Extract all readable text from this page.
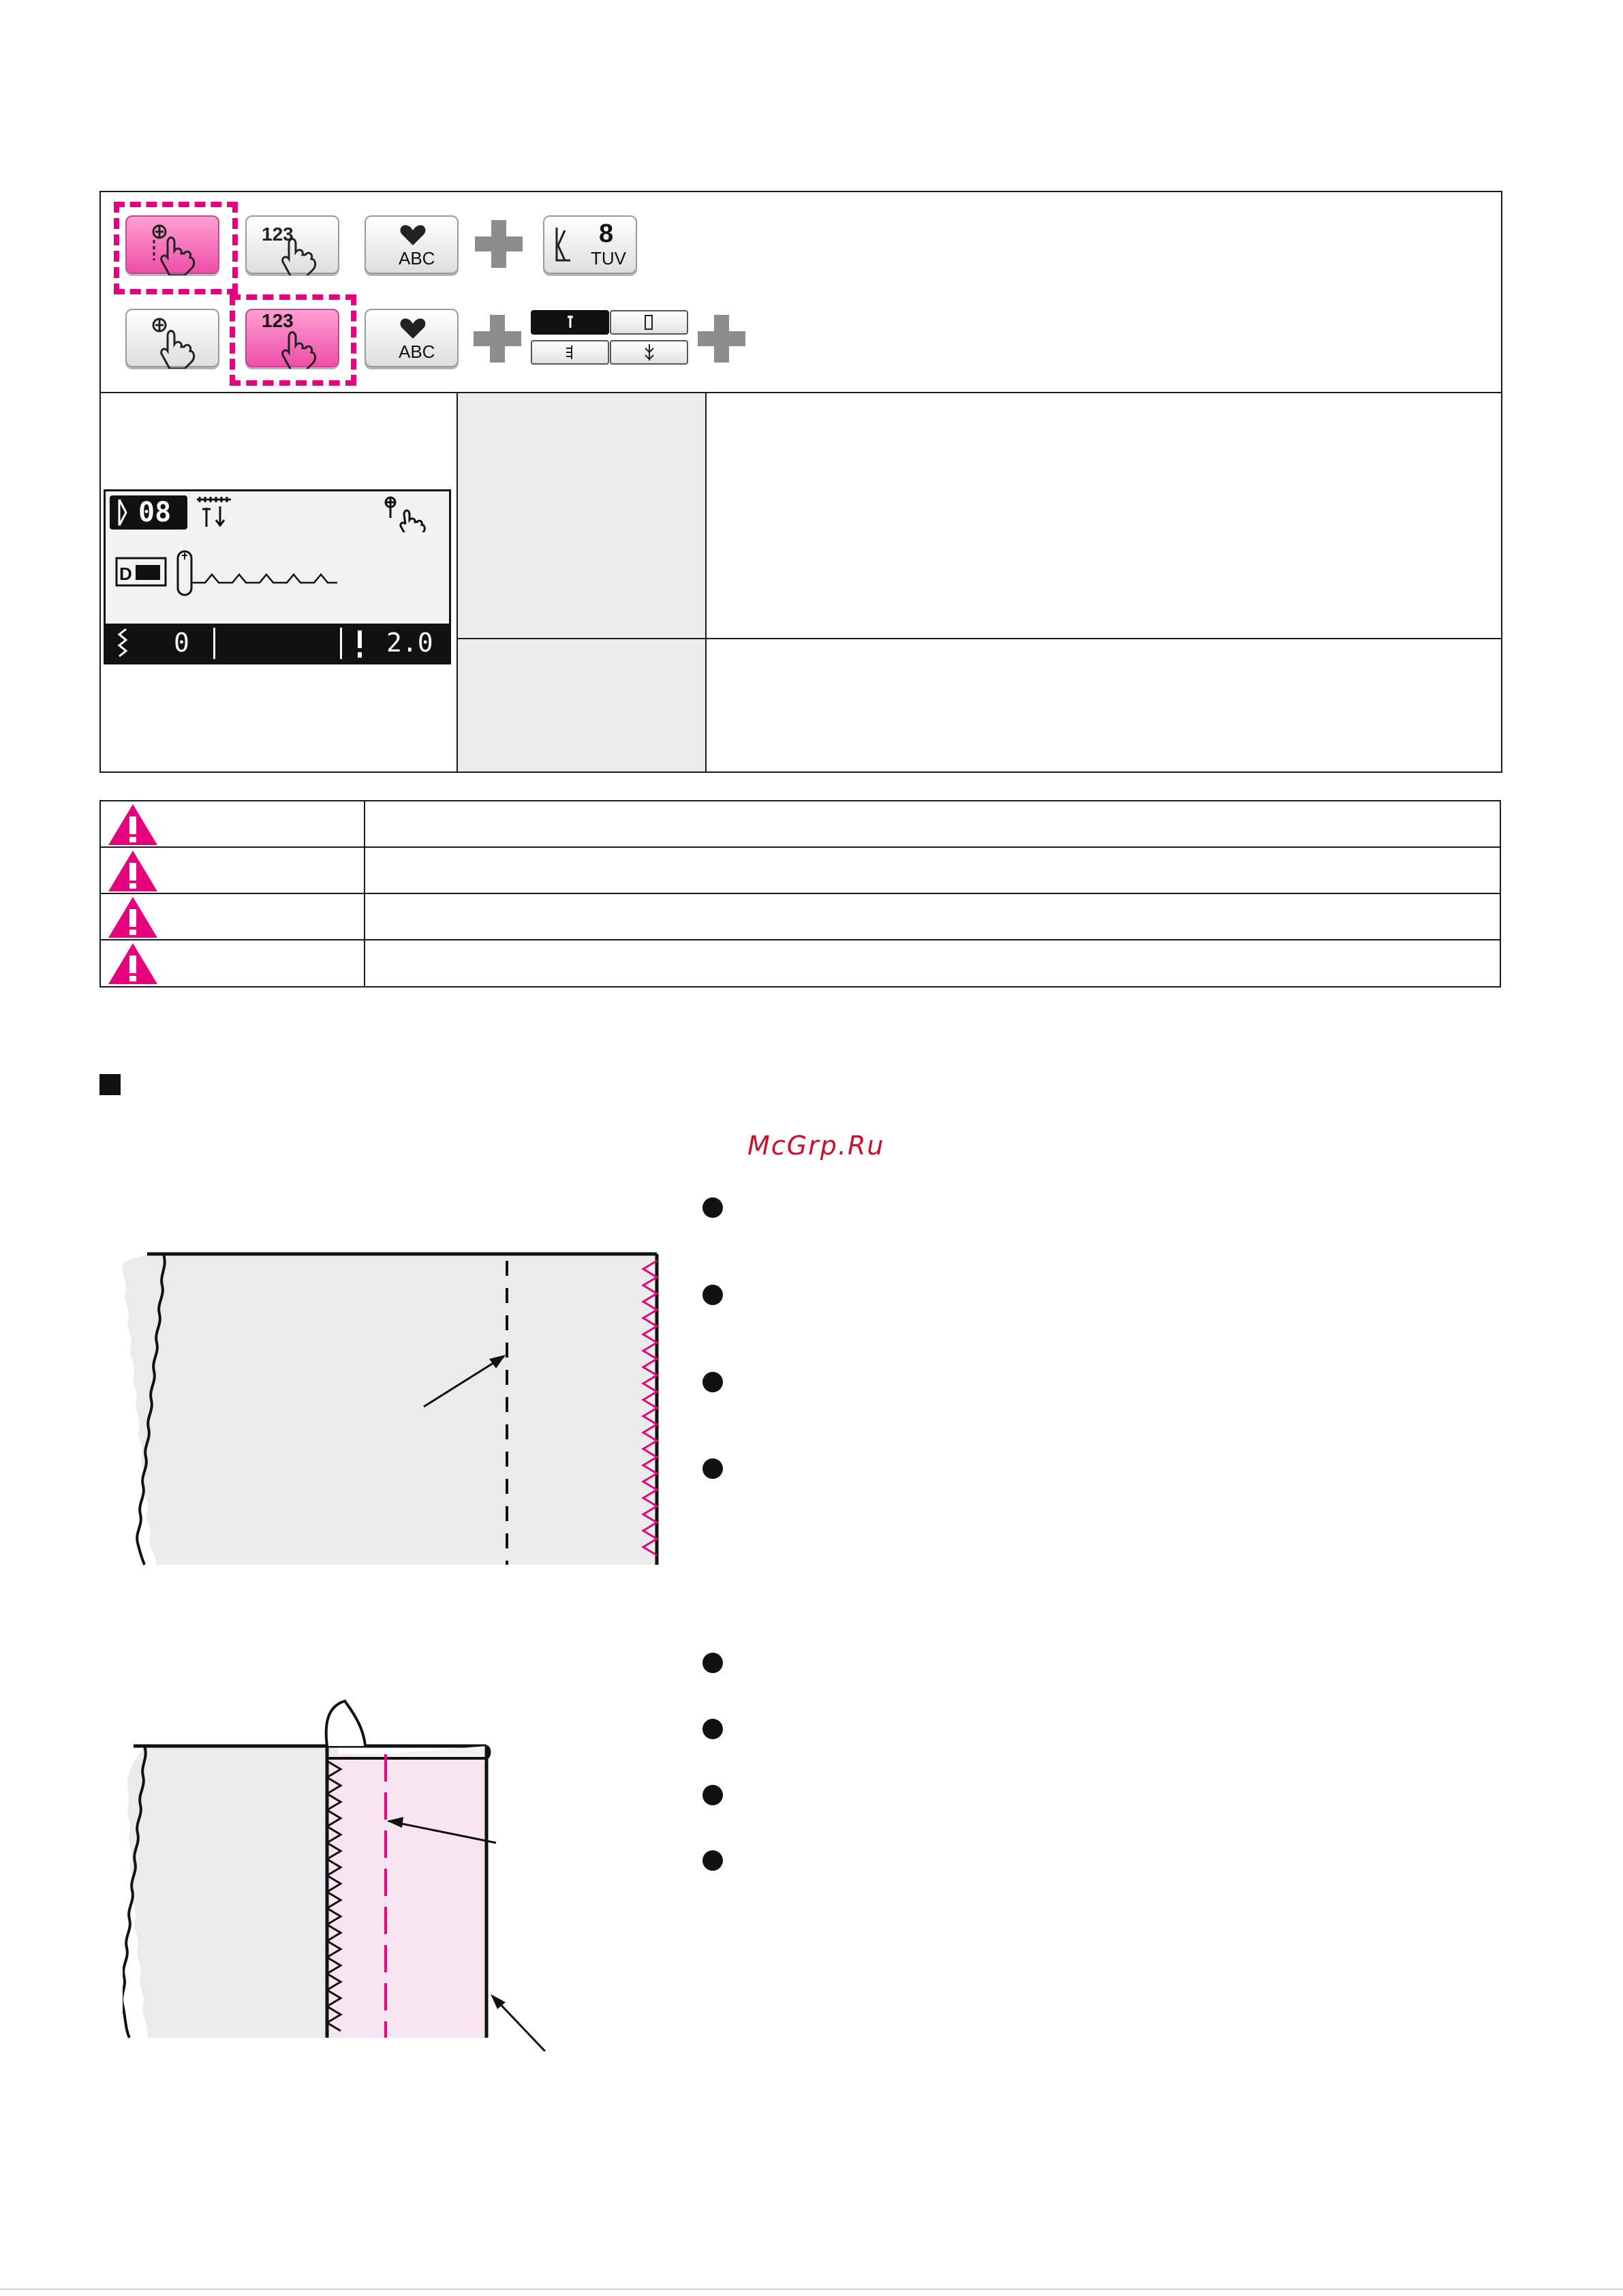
123
ABC
8
TUV
123
ABC
08
D
0	2.0
McGrp.Ru
